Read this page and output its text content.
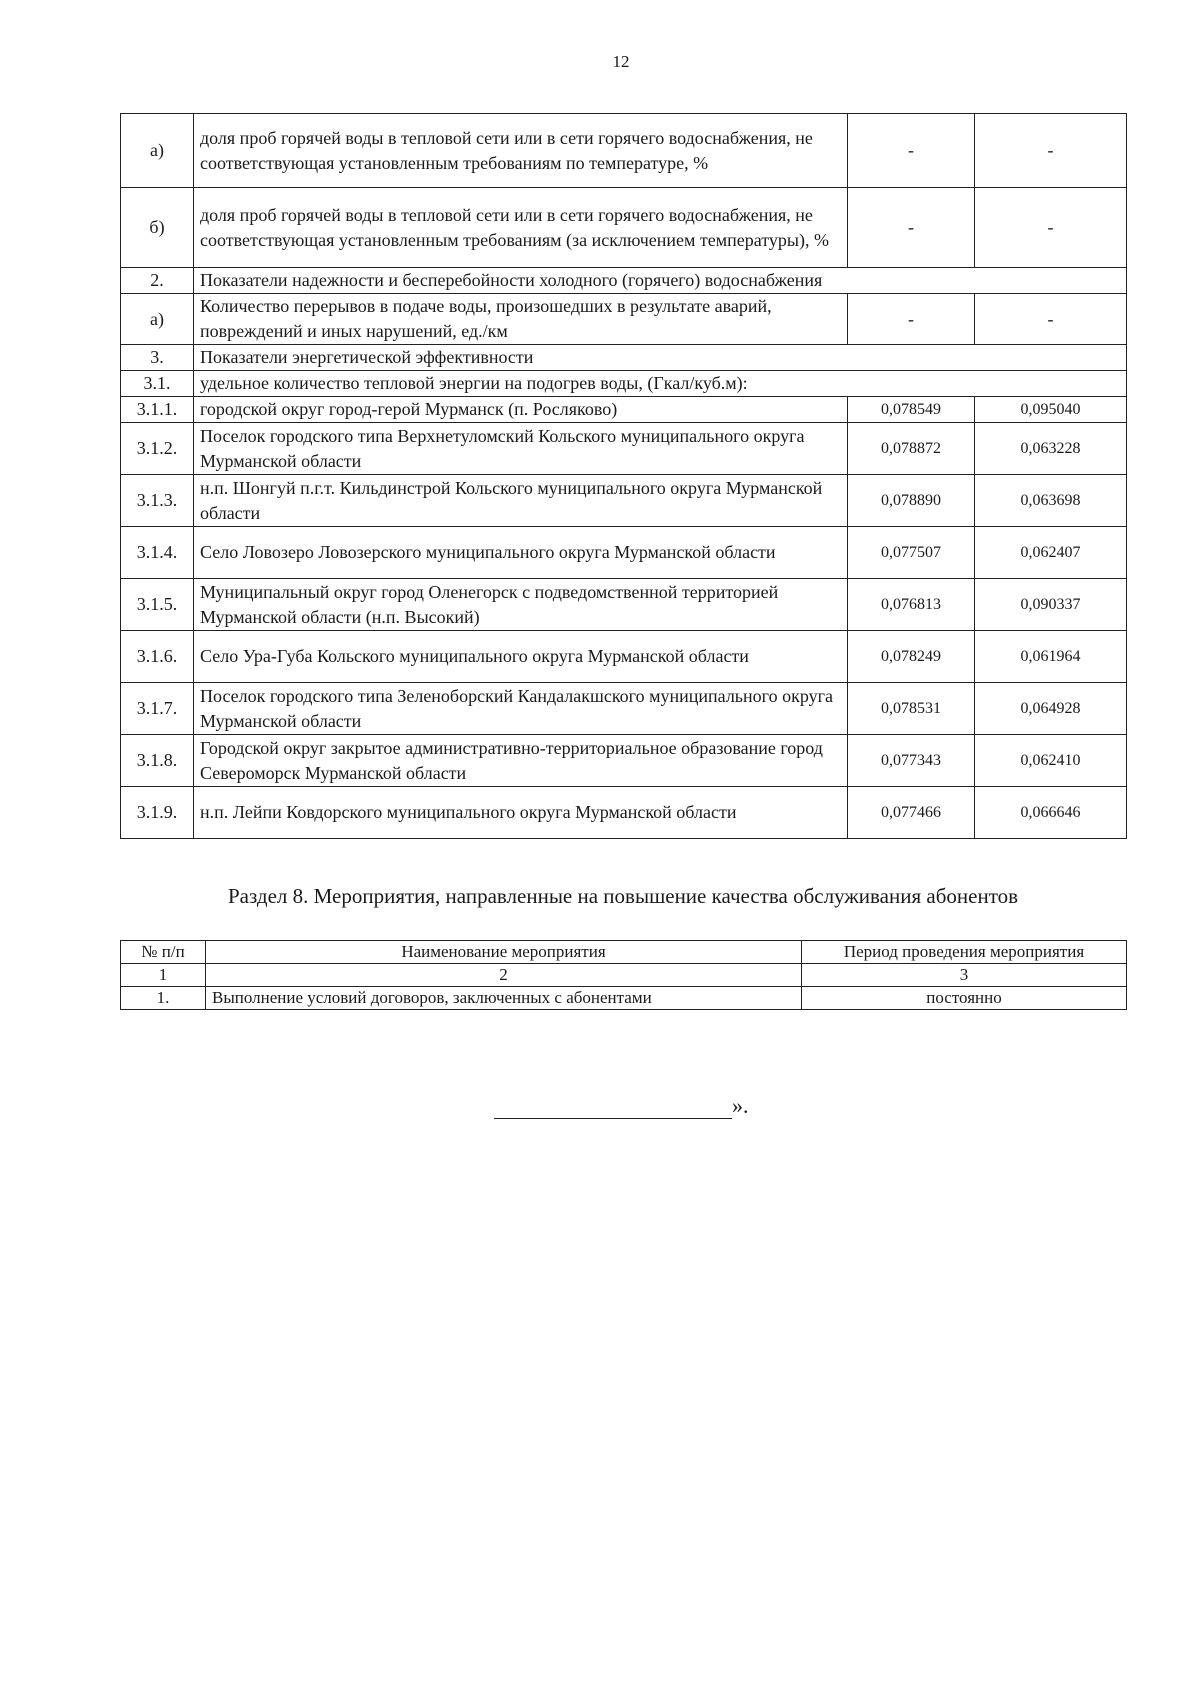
12
а)	доля проб горячей воды в тепловой сети или в сети горячего водоснабжения, не соответствующая установленным требованиям по температуре, %	-	-
б)	доля проб горячей воды в тепловой сети или в сети горячего водоснабжения, не соответствующая установленным требованиям (за исключением температуры), %	-	-
2.	Показатели надежности и бесперебойности холодного (горячего) водоснабжения		
а)	Количество перерывов в подаче воды, произошедших в результате аварий, повреждений и иных нарушений, ед./км	-	-
3.	Показатели энергетической эффективности		
3.1.	удельное количество тепловой энергии на подогрев воды, (Гкал/куб.м):		
3.1.1.	городской округ город-герой Мурманск (п. Росляково)	0,078549	0,095040
3.1.2.	Поселок городского типа Верхнетуломский Кольского муниципального округа Мурманской области	0,078872	0,063228
3.1.3.	н.п. Шонгуй п.г.т. Кильдинстрой Кольского муниципального округа Мурманской области	0,078890	0,063698
3.1.4.	Село Ловозеро Ловозерского муниципального округа Мурманской области	0,077507	0,062407
3.1.5.	Муниципальный округ город Оленегорск с подведомственной территорией Мурманской области (н.п. Высокий)	0,076813	0,090337
3.1.6.	Село Ура-Губа Кольского муниципального округа Мурманской области	0,078249	0,061964
3.1.7.	Поселок городского типа Зеленоборский Кандалакшского муниципального округа Мурманской области	0,078531	0,064928
3.1.8.	Городской округ закрытое административно-территориальное образование город Североморск Мурманской области	0,077343	0,062410
3.1.9.	н.п. Лейпи Ковдорского муниципального округа Мурманской области	0,077466	0,066646
Раздел 8. Мероприятия, направленные на повышение качества обслуживания абонентов
№ п/п	Наименование мероприятия	Период проведения мероприятия
1	2	3
1.	Выполнение условий договоров, заключенных с абонентами	постоянно
».
